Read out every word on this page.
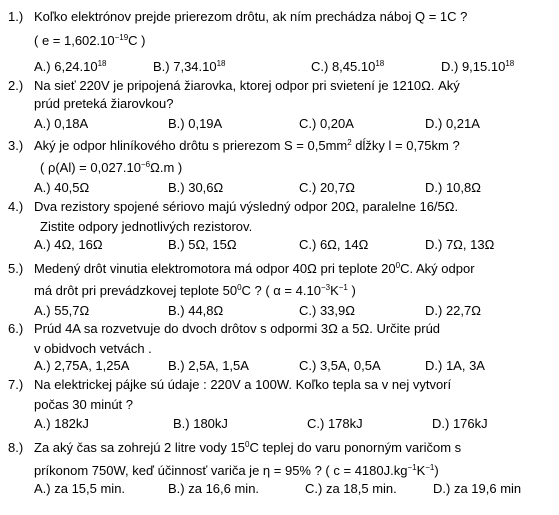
1.) Koľko elektrónov prejde prierezom drôtu, ak ním prechádza náboj Q = 1C ?
( $e = 1,602.10^{-19}C$ )
A.) 6,24.10$^{18}$	B.) 7,34.10$^{18}$	C.) 8,45.10$^{18}$	D.) 9,15.10$^{18}$
2.) Na sieť 220V je pripojená žiarovka, ktorej odpor pri svietení je 1210Ω. Aký
prúd preteká žiarovkou?
A.) 0,18A	B.) 0,19A	C.) 0,20A	D.) 0,21A
3.) Aký je odpor hliníkového drôtu s prierezom $S = 0,5mm^2$ dĺžky l = 0,75km ?
( $\rho(Al) = 0,027.10^{-6}\Omega.m$ )
A.) 40,5Ω	B.) 30,6Ω	C.) 20,7Ω	D.) 10,8Ω
4.) Dva rezistory spojené sériovo majú výsledný odpor 20Ω, paralelne 16/5Ω.
Zistite odpory jednotlivých rezistorov.
A.) 4Ω, 16Ω	B.) 5Ω, 15Ω	C.) 6Ω, 14Ω	D.) 7Ω, 13Ω
5.) Medený drôt vinutia elektromotora má odpor 40Ω pri teplote $20^0C$. Aký odpor
má drôt pri prevádzkovej teplote $50^0C$ ? ( $\alpha = 4.10^{-3}K^{-1}$ )
A.) 55,7Ω	B.) 44,8Ω	C.) 33,9Ω	D.) 22,7Ω
6.) Prúd 4A sa rozvetvuje do dvoch drôtov s odpormi 3Ω a 5Ω. Určite prúd
v obidvoch vetvách .
A.) 2,75A, 1,25A	B.) 2,5A, 1,5A	C.) 3,5A, 0,5A	D.) 1A, 3A
7.) Na elektrickej pájke sú údaje : 220V a 100W. Koľko tepla sa v nej vytvorí
počas 30 minút ?
A.) 182kJ	B.) 180kJ	C.) 178kJ	D.) 176kJ
8.) Za aký čas sa zohrejú 2 litre vody $15^0C$ teplej do varu ponorným varičom s
príkonom 750W, keď účinnosť variča je η = 95% ? ( $c = 4180J.kg^{-1}K^{-1}$)
A.) za 15,5 min.	B.) za 16,6 min.	C.) za 18,5 min.	D.) za 19,6 min
